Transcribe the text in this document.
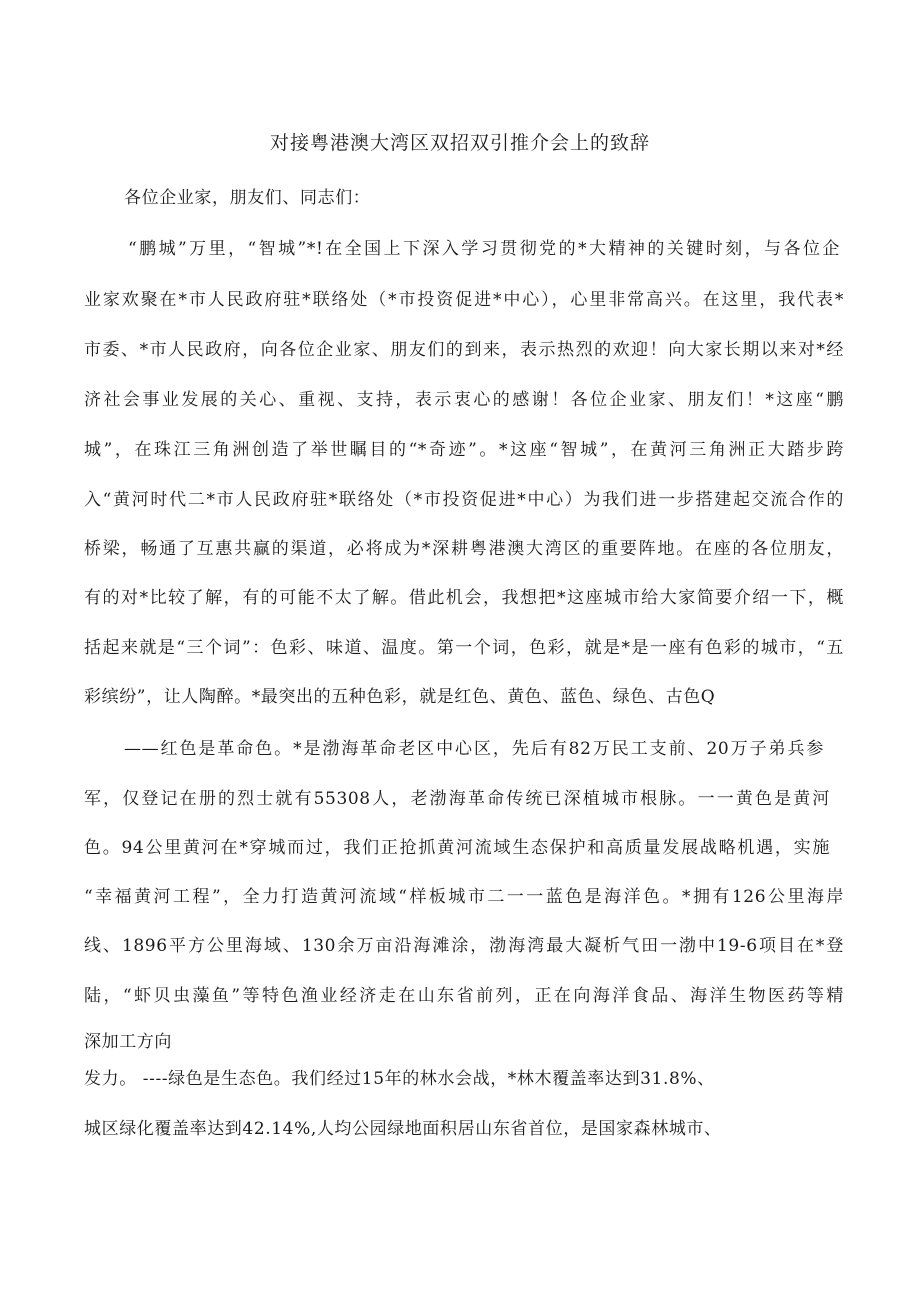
对接粤港澳大湾区双招双引推介会上的致辞
各位企业家，朋友们、同志们：
“鹏城”万里，“智城”*!在全国上下深入学习贯彻党的*大精神的关键时刻，与各位企
业家欢聚在*市人民政府驻*联络处（*市投资促进*中心），心里非常高兴。在这里，我代表*
市委、*市人民政府，向各位企业家、朋友们的到来，表示热烈的欢迎！向大家长期以来对*经
济社会事业发展的关心、重视、支持，表示衷心的感谢！各位企业家、朋友们！*这座“鹏
城”，在珠江三角洲创造了举世瞩目的“*奇迹”。*这座“智城”，在黄河三角洲正大踏步跨
入“黄河时代二*市人民政府驻*联络处（*市投资促进*中心）为我们进一步搭建起交流合作的
桥梁，畅通了互惠共赢的渠道，必将成为*深耕粤港澳大湾区的重要阵地。在座的各位朋友，
有的对*比较了解，有的可能不太了解。借此机会，我想把*这座城市给大家简要介绍一下，概
括起来就是“三个词”：色彩、味道、温度。第一个词，色彩，就是*是一座有色彩的城市，“五
彩缤纷”，让人陶醉。*最突出的五种色彩，就是红色、黄色、蓝色、绿色、古色Q
——红色是革命色。*是渤海革命老区中心区，先后有82万民工支前、20万子弟兵参
军，仅登记在册的烈士就有55308人，老渤海革命传统已深植城市根脉。一一黄色是黄河
色。94公里黄河在*穿城而过，我们正抢抓黄河流域生态保护和高质量发展战略机遇，实施
“幸福黄河工程”，全力打造黄河流域“样板城市二一一蓝色是海洋色。*拥有126公里海岸
线、1896平方公里海域、130余万亩沿海滩涂，渤海湾最大凝析气田一渤中19-6项目在*登
陆，“虾贝虫藻鱼”等特色渔业经济走在山东省前列，正在向海洋食品、海洋生物医药等精
深加工方向
发力。 ----绿色是生态色。我们经过15年的林水会战，*林木覆盖率达到31.8%、
城区绿化覆盖率达到42.14%,人均公园绿地面积居山东省首位，是国家森林城市、
